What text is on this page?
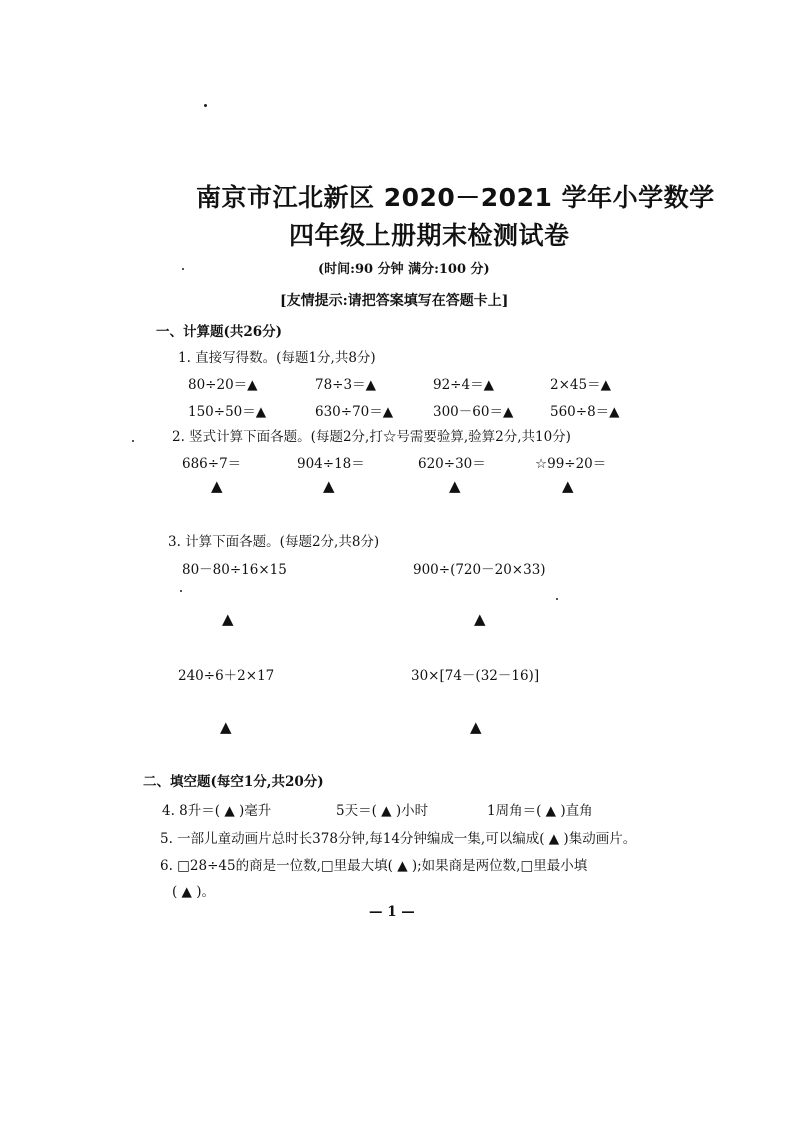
南京市江北新区 2020－2021 学年小学数学
四年级上册期末检测试卷
(时间:90 分钟 满分:100 分)
[友情提示:请把答案填写在答题卡上]
一、计算题(共26分)
1. 直接写得数。(每题1分,共8分)
80÷20＝▲	78÷3＝▲	92÷4＝▲	2×45＝▲
150÷50＝▲	630÷70＝▲	300－60＝▲	560÷8＝▲
2. 竖式计算下面各题。(每题2分,打☆号需要验算,验算2分,共10分)
686÷7＝	904÷18＝	620÷30＝	☆99÷20＝
▲	▲	▲	▲
3. 计算下面各题。(每题2分,共8分)
80－80÷16×15	900÷(720－20×33)
▲	▲
240÷6＋2×17	30×[74－(32－16)]
▲	▲
二、填空题(每空1分,共20分)
4. 8升＝( ▲ )毫升	5天＝( ▲ )小时	1周角＝( ▲ )直角
5. 一部儿童动画片总时长378分钟,每14分钟编成一集,可以编成( ▲ )集动画片。
6. □28÷45的商是一位数,□里最大填( ▲ );如果商是两位数,□里最小填
( ▲ )。
— 1 —
